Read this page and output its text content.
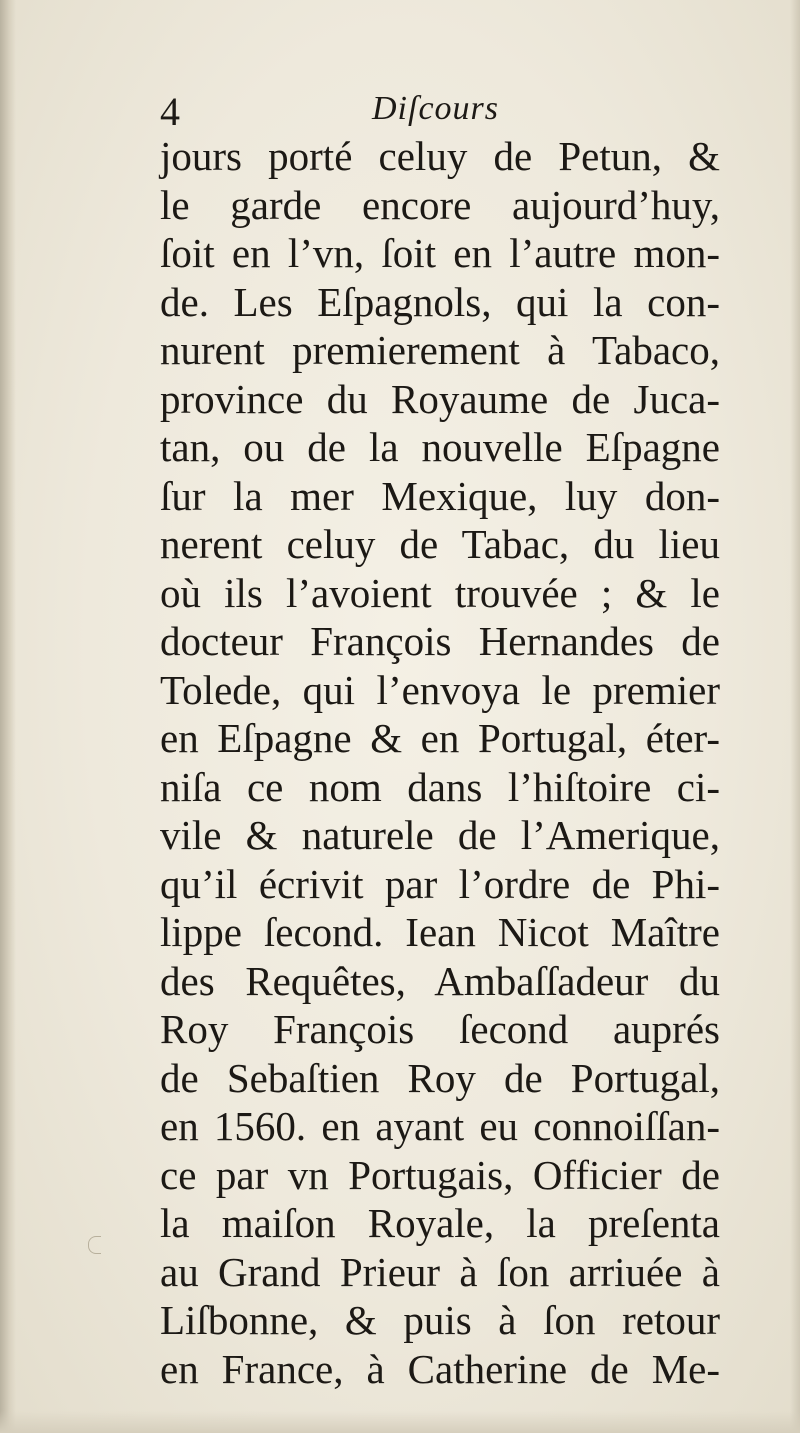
4	Diſcours
jours porté celuy de Petun, &
le garde encore aujourd’huy,
ſoit en l’vn, ſoit en l’autre mon-
de. Les Eſpagnols, qui la con-
nurent premierement à Tabaco,
province du Royaume de Juca-
tan, ou de la nouvelle Eſpagne
ſur la mer Mexique, luy don-
nerent celuy de Tabac, du lieu
où ils l’avoient trouvée ; & le
docteur François Hernandes de
Tolede, qui l’envoya le premier
en Eſpagne & en Portugal, éter-
niſa ce nom dans l’hiſtoire ci-
vile & naturele de l’Amerique,
qu’il écrivit par l’ordre de Phi-
lippe ſecond. Iean Nicot Maître
des Requêtes, Ambaſſadeur du
Roy François ſecond auprés
de Sebaſtien Roy de Portugal,
en 1560. en ayant eu connoiſſan-
ce par vn Portugais, Officier de
la maiſon Royale, la preſenta
au Grand Prieur à ſon arriuée à
Liſbonne, & puis à ſon retour
en France, à Catherine de Me-
